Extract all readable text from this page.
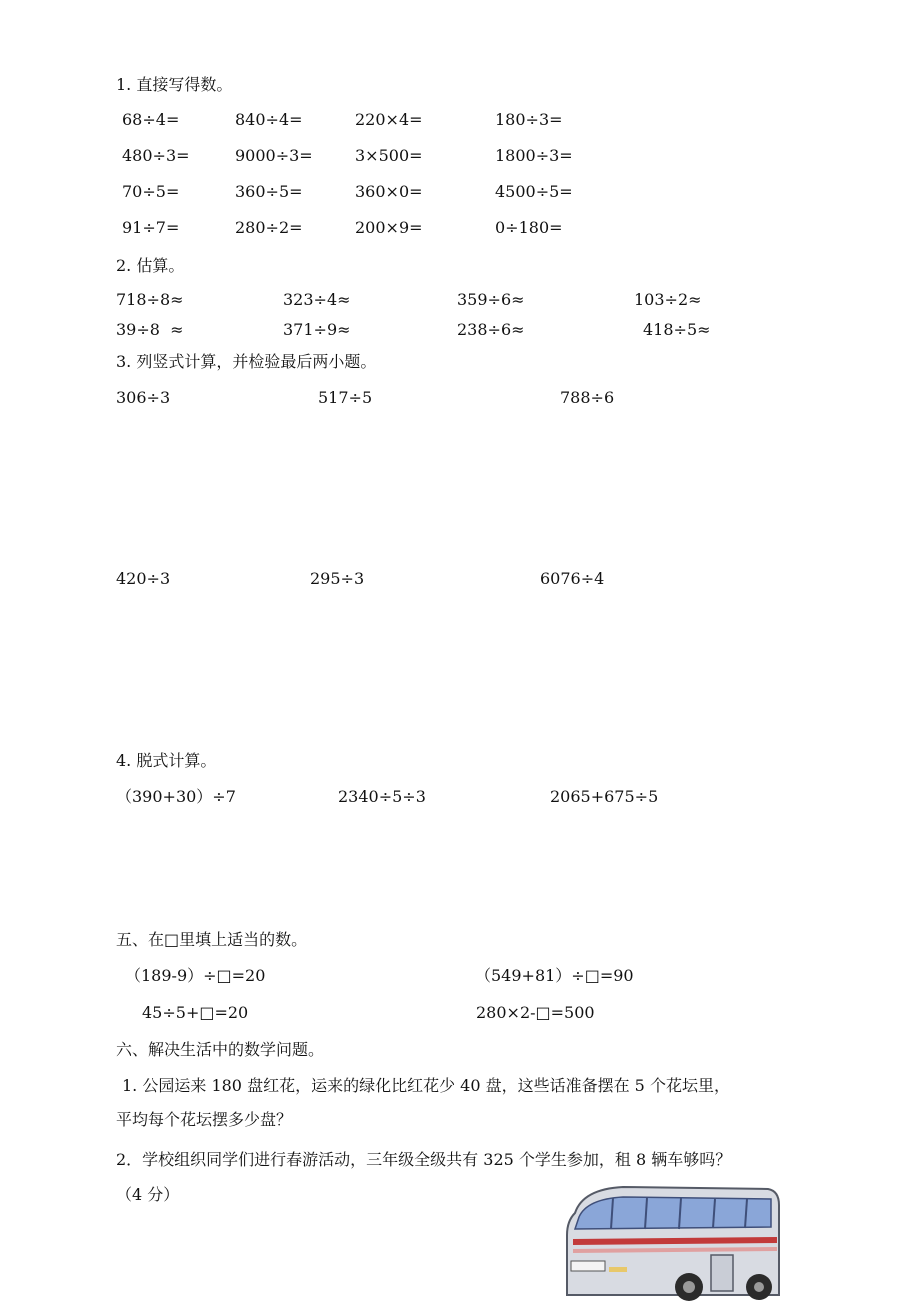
1. 直接写得数。
68÷4=	840÷4=	220×4=	180÷3=
480÷3=	9000÷3=	3×500=	1800÷3=
70÷5=	360÷5=	360×0=	4500÷5=
91÷7=	280÷2=	200×9=	0÷180=
2. 估算。
718÷8≈	323÷4≈	359÷6≈	103÷2≈
39÷8  ≈	371÷9≈	238÷6≈	418÷5≈
3. 列竖式计算，并检验最后两小题。
306÷3	517÷5	788÷6
420÷3	295÷3	6076÷4
4. 脱式计算。
（390+30）÷7	2340÷5÷3	2065+675÷5
五、在□里填上适当的数。
（189-9）÷□=20	（549+81）÷□=90
45÷5+□=20	280×2-□=500
六、解决生活中的数学问题。
1. 公园运来 180 盘红花，运来的绿化比红花少 40 盘，这些话准备摆在 5 个花坛里，
平均每个花坛摆多少盘？
2．学校组织同学们进行春游活动，三年级全级共有 325 个学生参加，租 8 辆车够吗？
（4 分）
